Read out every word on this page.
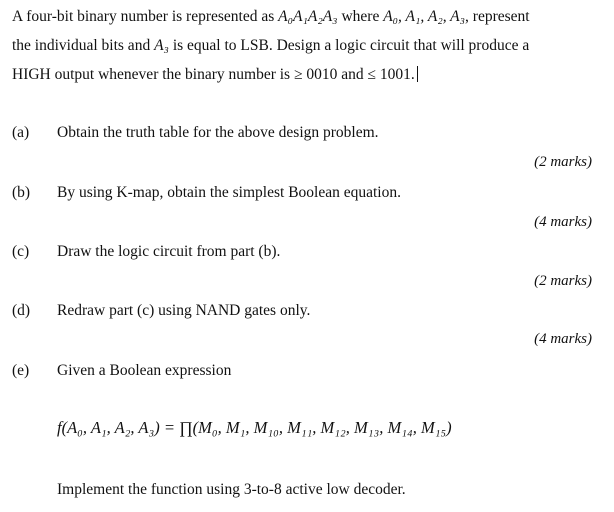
A four-bit binary number is represented as A₀A₁A₂A₃ where A₀, A₁, A₂, A₃, represent
the individual bits and A₃ is equal to LSB. Design a logic circuit that will produce a
HIGH output whenever the binary number is ≥ 0010 and ≤ 1001.
(a) Obtain the truth table for the above design problem.
(2 marks)
(b) By using K-map, obtain the simplest Boolean equation.
(4 marks)
(c) Draw the logic circuit from part (b).
(2 marks)
(d) Redraw part (c) using NAND gates only.
(4 marks)
(e) Given a Boolean expression
f(A₀, A₁, A₂, A₃) = ∏(M₀, M₁, M₁₀, M₁₁, M₁₂, M₁₃, M₁₄, M₁₅)
Implement the function using 3-to-8 active low decoder.
